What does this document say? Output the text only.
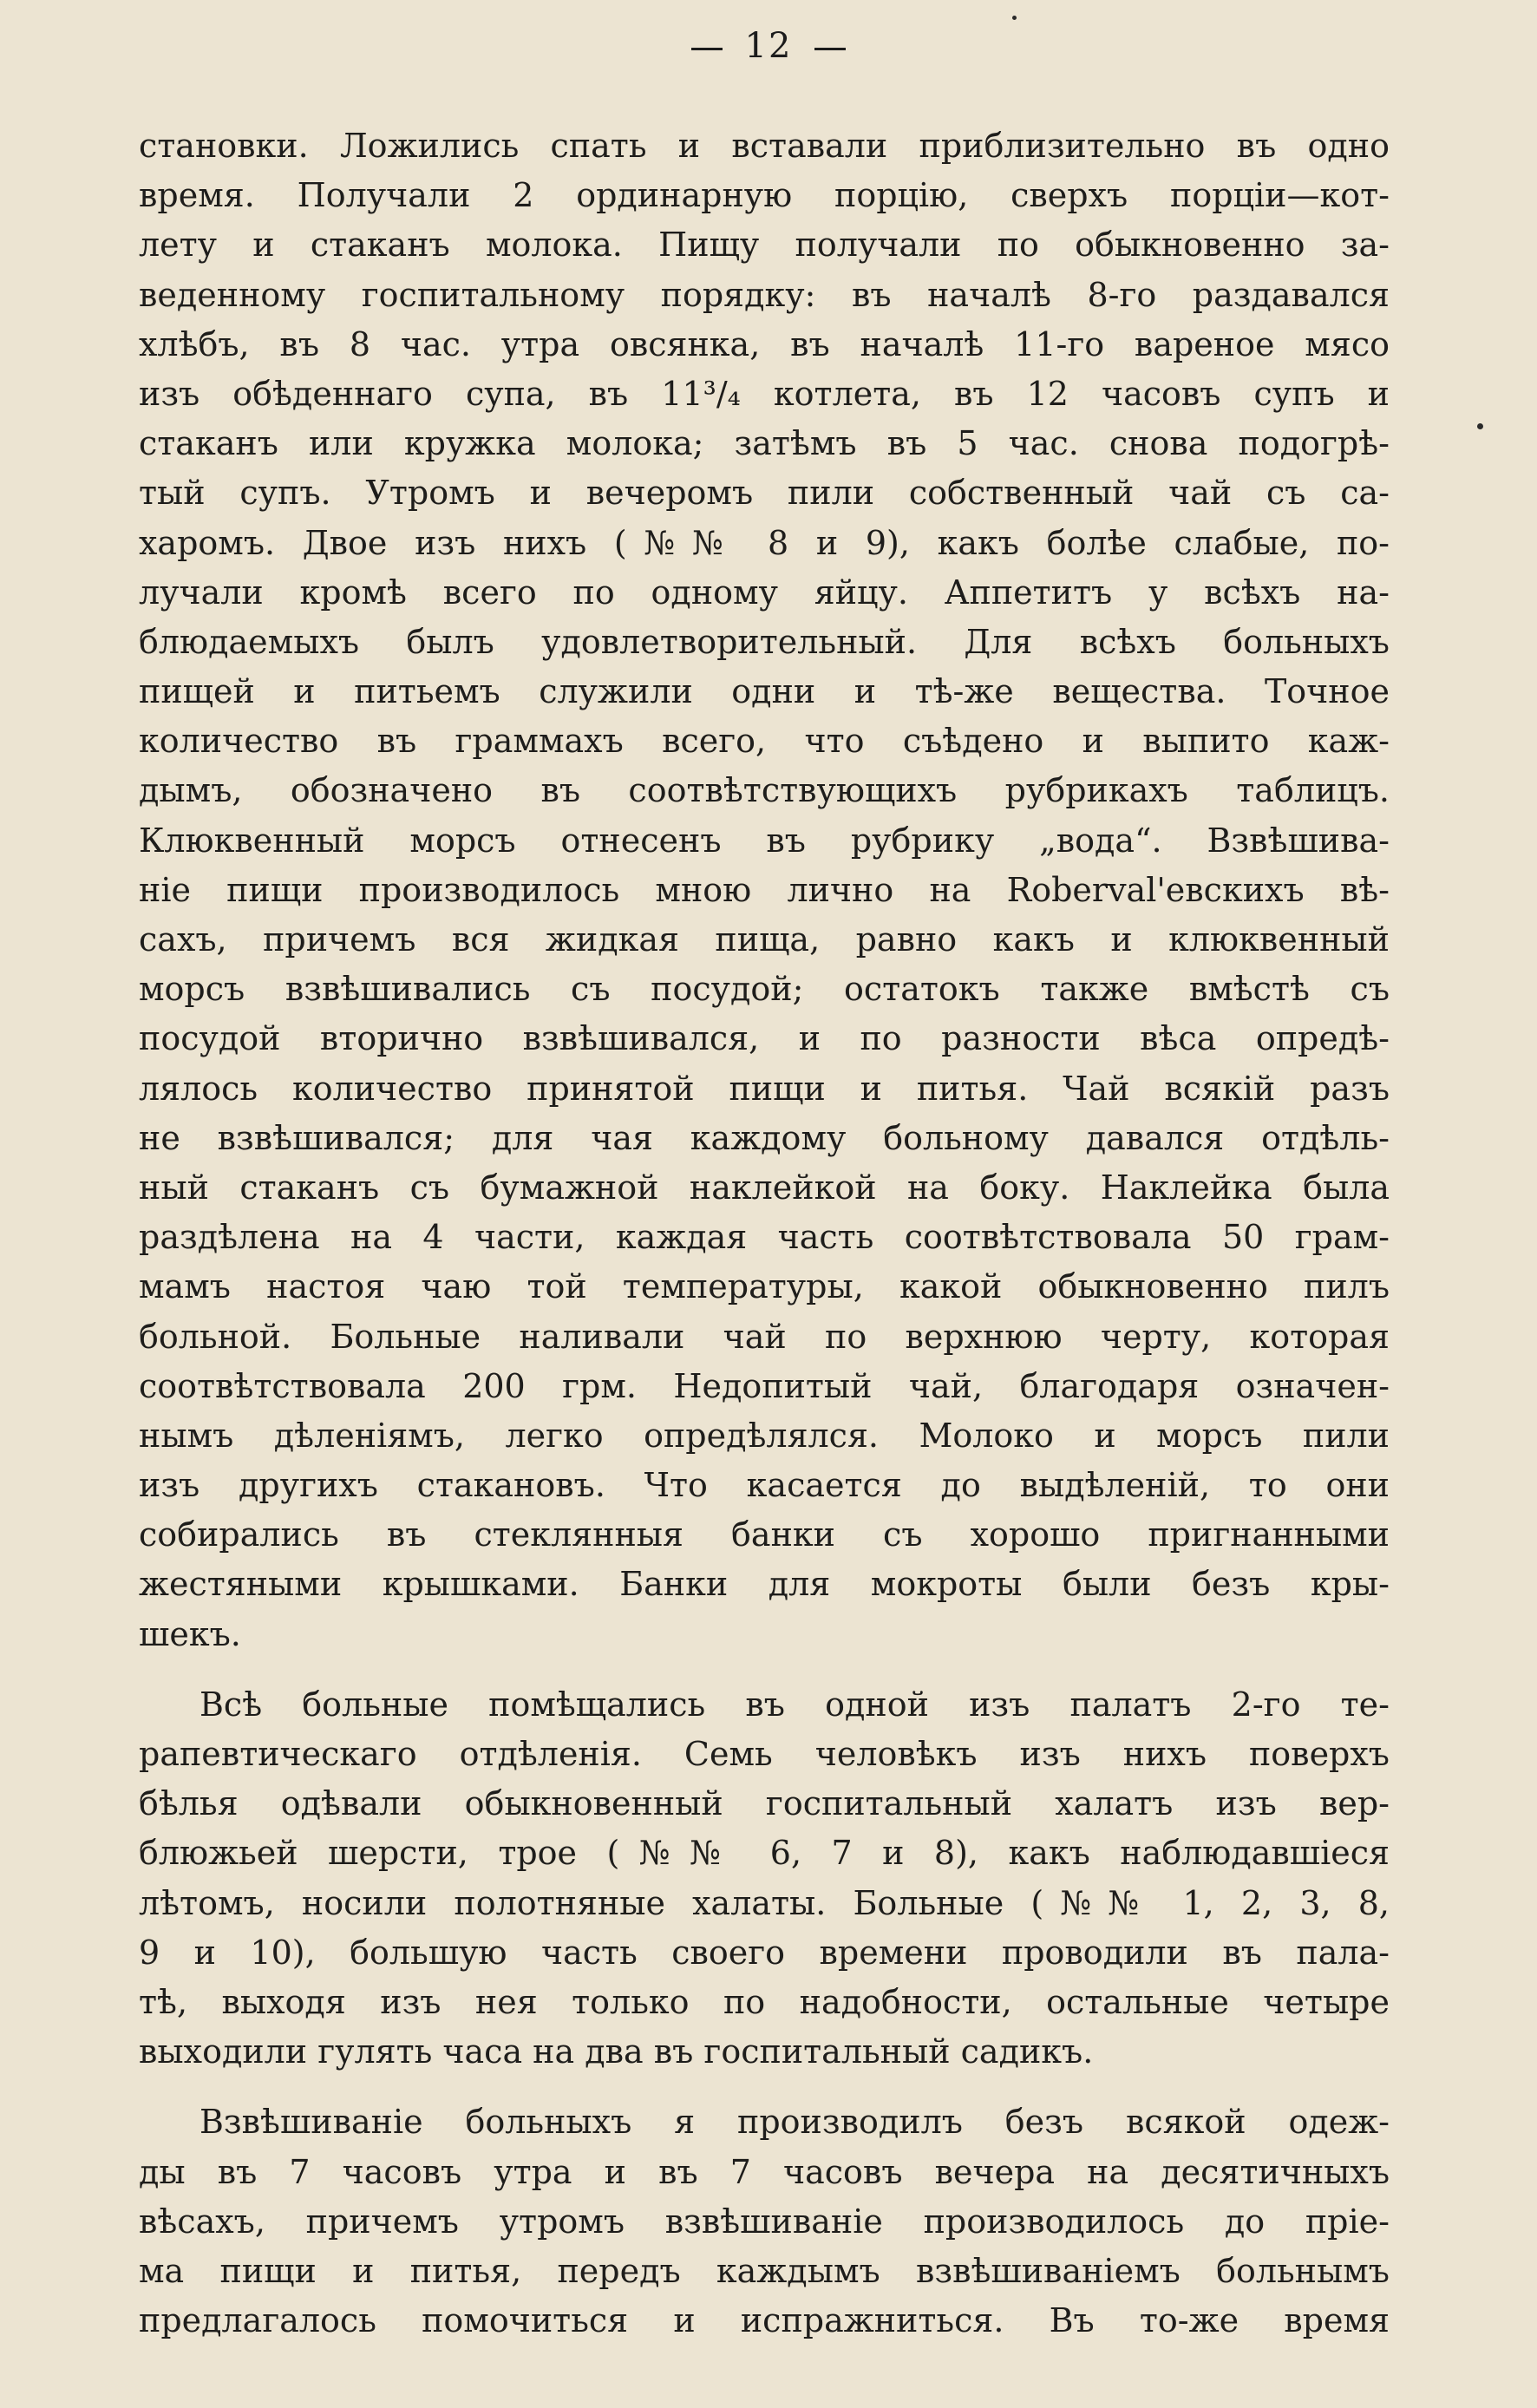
12
становки. Ложились спать и вставали приблизительно въ одно
время. Получали 2 ординарную порцію, сверхъ порціи—кот-
лету и стаканъ молока. Пищу получали по обыкновенно за-
веденному госпитальному порядку: въ началѣ 8-го раздавался
хлѣбъ, въ 8 час. утра овсянка, въ началѣ 11-го вареное мясо
изъ обѣденнаго супа, въ 11³/₄ котлета, въ 12 часовъ супъ и
стаканъ или кружка молока; затѣмъ въ 5 час. снова подогрѣ-
тый супъ. Утромъ и вечеромъ пили собственный чай съ са-
харомъ. Двое изъ нихъ (№№ 8 и 9), какъ болѣе слабые, по-
лучали кромѣ всего по одному яйцу. Аппетитъ у всѣхъ на-
блюдаемыхъ былъ удовлетворительный. Для всѣхъ больныхъ
пищей и питьемъ служили одни и тѣ-же вещества. Точное
количество въ граммахъ всего, что съѣдено и выпито каж-
дымъ, обозначено въ соотвѣтствующихъ рубрикахъ таблицъ.
Клюквенный морсъ отнесенъ въ рубрику „вода“. Взвѣшива-
ніе пищи производилось мною лично на Roberval'евскихъ вѣ-
сахъ, причемъ вся жидкая пища, равно какъ и клюквенный
морсъ взвѣшивались съ посудой; остатокъ также вмѣстѣ съ
посудой вторично взвѣшивался, и по разности вѣса опредѣ-
лялось количество принятой пищи и питья. Чай всякій разъ
не взвѣшивался; для чая каждому больному давался отдѣль-
ный стаканъ съ бумажной наклейкой на боку. Наклейка была
раздѣлена на 4 части, каждая часть соотвѣтствовала 50 грам-
мамъ настоя чаю той температуры, какой обыкновенно пилъ
больной. Больные наливали чай по верхнюю черту, которая
соотвѣтствовала 200 грм. Недопитый чай, благодаря означен-
нымъ дѣленіямъ, легко опредѣлялся. Молоко и морсъ пили
изъ другихъ стакановъ. Что касается до выдѣленій, то они
собирались въ стеклянныя банки съ хорошо пригнанными
жестяными крышками. Банки для мокроты были безъ кры-
шекъ.
Всѣ больные помѣщались въ одной изъ палатъ 2-го те-
рапевтическаго отдѣленія. Семь человѣкъ изъ нихъ поверхъ
бѣлья одѣвали обыкновенный госпитальный халатъ изъ вер-
блюжьей шерсти, трое (№№ 6, 7 и 8), какъ наблюдавшіеся
лѣтомъ, носили полотняные халаты. Больные (№№ 1, 2, 3, 8,
9 и 10), большую часть своего времени проводили въ пала-
тѣ, выходя изъ нея только по надобности, остальные четыре
выходили гулять часа на два въ госпитальный садикъ.
Взвѣшиваніе больныхъ я производилъ безъ всякой одеж-
ды въ 7 часовъ утра и въ 7 часовъ вечера на десятичныхъ
вѣсахъ, причемъ утромъ взвѣшиваніе производилось до пріе-
ма пищи и питья, передъ каждымъ взвѣшиваніемъ больнымъ
предлагалось помочиться и испражниться. Въ то-же время
